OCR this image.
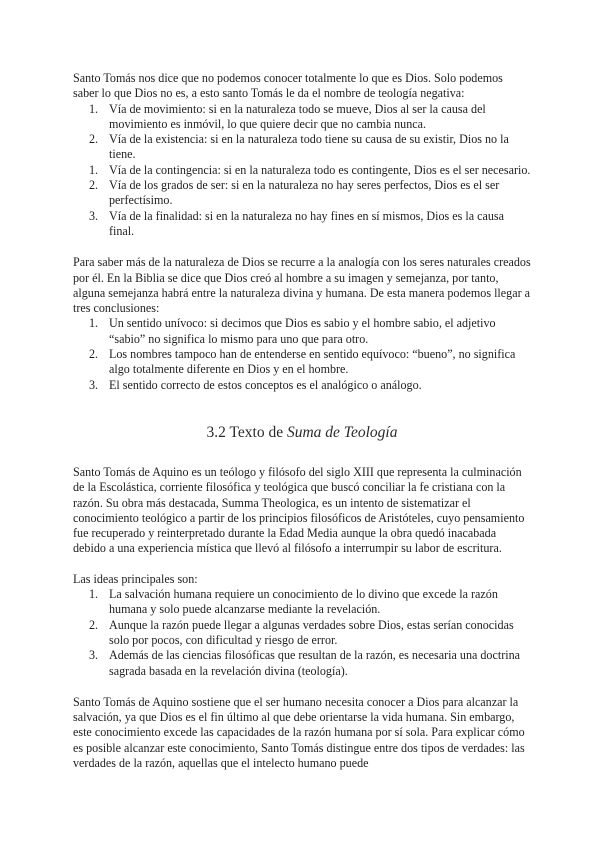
Santo Tomás nos dice que no podemos conocer totalmente lo que es Dios. Solo podemos saber lo que Dios no es, a esto santo Tomás le da el nombre de teología negativa:

1. Vía de movimiento: si en la naturaleza todo se mueve, Dios al ser la causa del movimiento es inmóvil, lo que quiere decir que no cambia nunca.
2. Vía de la existencia: si en la naturaleza todo tiene su causa de su existir, Dios no la tiene.
1. Vía de la contingencia: si en la naturaleza todo es contingente, Dios es el ser necesario.
2. Vía de los grados de ser: si en la naturaleza no hay seres perfectos, Dios es el ser perfectísimo.
3. Vía de la finalidad: si en la naturaleza no hay fines en sí mismos, Dios es la causa final.

Para saber más de la naturaleza de Dios se recurre a la analogía con los seres naturales creados por él. En la Biblia se dice que Dios creó al hombre a su imagen y semejanza, por tanto, alguna semejanza habrá entre la naturaleza divina y humana. De esta manera podemos llegar a tres conclusiones:

1. Un sentido unívoco: si decimos que Dios es sabio y el hombre sabio, el adjetivo “sabio” no significa lo mismo para uno que para otro.
2. Los nombres tampoco han de entenderse en sentido equívoco: “bueno”, no significa algo totalmente diferente en Dios y en el hombre.
3. El sentido correcto de estos conceptos es el analógico o análogo.
3.2 Texto de Suma de Teología

Santo Tomás de Aquino es un teólogo y filósofo del siglo XIII que representa la culminación de la Escolástica, corriente filosófica y teológica que buscó conciliar la fe cristiana con la razón. Su obra más destacada, Summa Theologica, es un intento de sistematizar el conocimiento teológico a partir de los principios filosóficos de Aristóteles, cuyo pensamiento fue recuperado y reinterpretado durante la Edad Media aunque la obra quedó inacabada debido a una experiencia mística que llevó al filósofo a interrumpir su labor de escritura.

Las ideas principales son:

1. La salvación humana requiere un conocimiento de lo divino que excede la razón humana y solo puede alcanzarse mediante la revelación.
2. Aunque la razón puede llegar a algunas verdades sobre Dios, estas serían conocidas solo por pocos, con dificultad y riesgo de error.
3. Además de las ciencias filosóficas que resultan de la razón, es necesaria una doctrina sagrada basada en la revelación divina (teología).

Santo Tomás de Aquino sostiene que el ser humano necesita conocer a Dios para alcanzar la salvación, ya que Dios es el fin último al que debe orientarse la vida humana. Sin embargo, este conocimiento excede las capacidades de la razón humana por sí sola. Para explicar cómo es posible alcanzar este conocimiento, Santo Tomás distingue entre dos tipos de verdades: las verdades de la razón, aquellas que el intelecto humano puede
